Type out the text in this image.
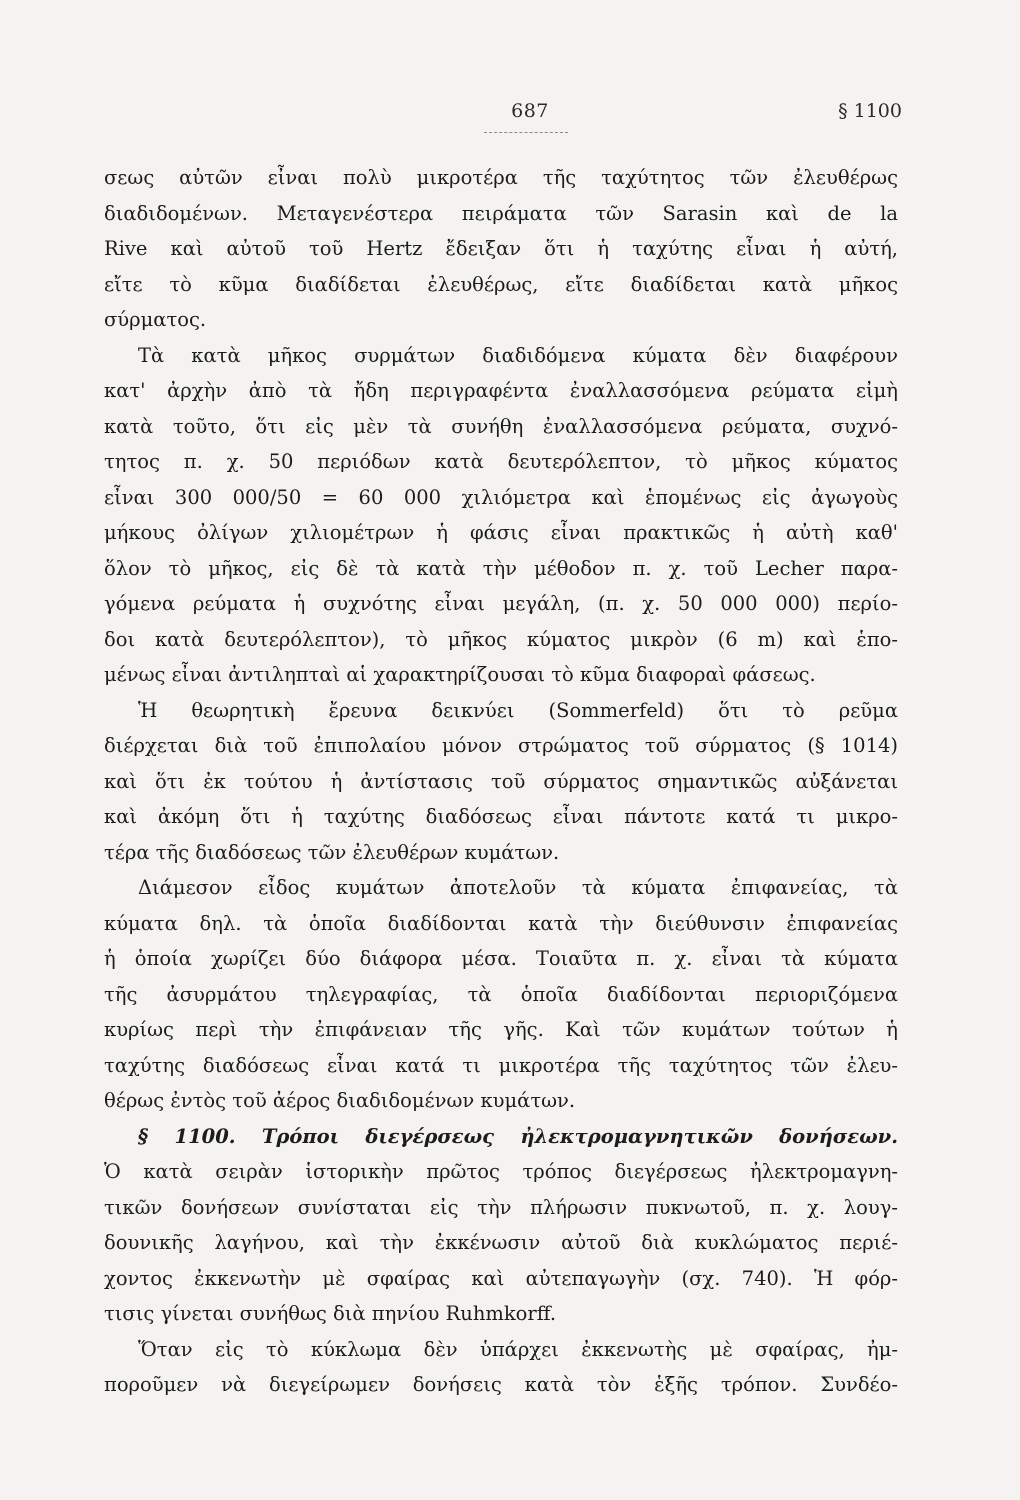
687	§ 1100
σεως αὐτῶν εἶναι πολὺ μικροτέρα τῆς ταχύτητος τῶν ἐλευθέρως
διαδιδομένων. Μεταγενέστερα πειράματα τῶν Sarasin καὶ de la
Rive καὶ αὐτοῦ τοῦ Hertz ἔδειξαν ὅτι ἡ ταχύτης εἶναι ἡ αὐτή,
εἴτε τὸ κῦμα διαδίδεται ἐλευθέρως, εἴτε διαδίδεται κατὰ μῆκος
σύρματος.
Τὰ κατὰ μῆκος συρμάτων διαδιδόμενα κύματα δὲν διαφέρουν
κατ' ἀρχὴν ἀπὸ τὰ ἤδη περιγραφέντα ἐναλλασσόμενα ρεύματα εἰμὴ
κατὰ τοῦτο, ὅτι εἰς μὲν τὰ συνήθη ἐναλλασσόμενα ρεύματα, συχνό-
τητος π. χ. 50 περιόδων κατὰ δευτερόλεπτον, τὸ μῆκος κύματος
εἶναι 300 000/50 = 60 000 χιλιόμετρα καὶ ἑπομένως εἰς ἀγωγοὺς
μήκους ὀλίγων χιλιομέτρων ἡ φάσις εἶναι πρακτικῶς ἡ αὐτὴ καθ'
ὅλον τὸ μῆκος, εἰς δὲ τὰ κατὰ τὴν μέθοδον π. χ. τοῦ Lecher παρα-
γόμενα ρεύματα ἡ συχνότης εἶναι μεγάλη, (π. χ. 50 000 000) περίο-
δοι κατὰ δευτερόλεπτον), τὸ μῆκος κύματος μικρὸν (6 m) καὶ ἑπο-
μένως εἶναι ἀντιληπταὶ αἱ χαρακτηρίζουσαι τὸ κῦμα διαφοραὶ φάσεως.
Ἡ θεωρητικὴ ἔρευνα δεικνύει (Sommerfeld) ὅτι τὸ ρεῦμα
διέρχεται διὰ τοῦ ἐπιπολαίου μόνον στρώματος τοῦ σύρματος (§ 1014)
καὶ ὅτι ἐκ τούτου ἡ ἀντίστασις τοῦ σύρματος σημαντικῶς αὐξάνεται
καὶ ἀκόμη ὅτι ἡ ταχύτης διαδόσεως εἶναι πάντοτε κατά τι μικρο-
τέρα τῆς διαδόσεως τῶν ἐλευθέρων κυμάτων.
Διάμεσον εἶδος κυμάτων ἀποτελοῦν τὰ κύματα ἐπιφανείας, τὰ
κύματα δηλ. τὰ ὁποῖα διαδίδονται κατὰ τὴν διεύθυνσιν ἐπιφανείας
ἡ ὁποία χωρίζει δύο διάφορα μέσα. Τοιαῦτα π. χ. εἶναι τὰ κύματα
τῆς ἀσυρμάτου τηλεγραφίας, τὰ ὁποῖα διαδίδονται περιοριζόμενα
κυρίως περὶ τὴν ἐπιφάνειαν τῆς γῆς. Καὶ τῶν κυμάτων τούτων ἡ
ταχύτης διαδόσεως εἶναι κατά τι μικροτέρα τῆς ταχύτητος τῶν ἐλευ-
θέρως ἐντὸς τοῦ ἀέρος διαδιδομένων κυμάτων.
§ 1100. Τρόποι διεγέρσεως ἠλεκτρομαγνητικῶν δονήσεων.
Ὁ κατὰ σειρὰν ἱστορικὴν πρῶτος τρόπος διεγέρσεως ἠλεκτρομαγνη-
τικῶν δονήσεων συνίσταται εἰς τὴν πλήρωσιν πυκνωτοῦ, π. χ. λουγ-
δουνικῆς λαγήνου, καὶ τὴν ἐκκένωσιν αὐτοῦ διὰ κυκλώματος περιέ-
χοντος ἐκκενωτὴν μὲ σφαίρας καὶ αὐτεπαγωγὴν (σχ. 740). Ἡ φόρ-
τισις γίνεται συνήθως διὰ πηνίου Ruhmkorff.
Ὅταν εἰς τὸ κύκλωμα δὲν ὑπάρχει ἐκκενωτὴς μὲ σφαίρας, ἠμ-
ποροῦμεν νὰ διεγείρωμεν δονήσεις κατὰ τὸν ἑξῆς τρόπον. Συνδέο-
